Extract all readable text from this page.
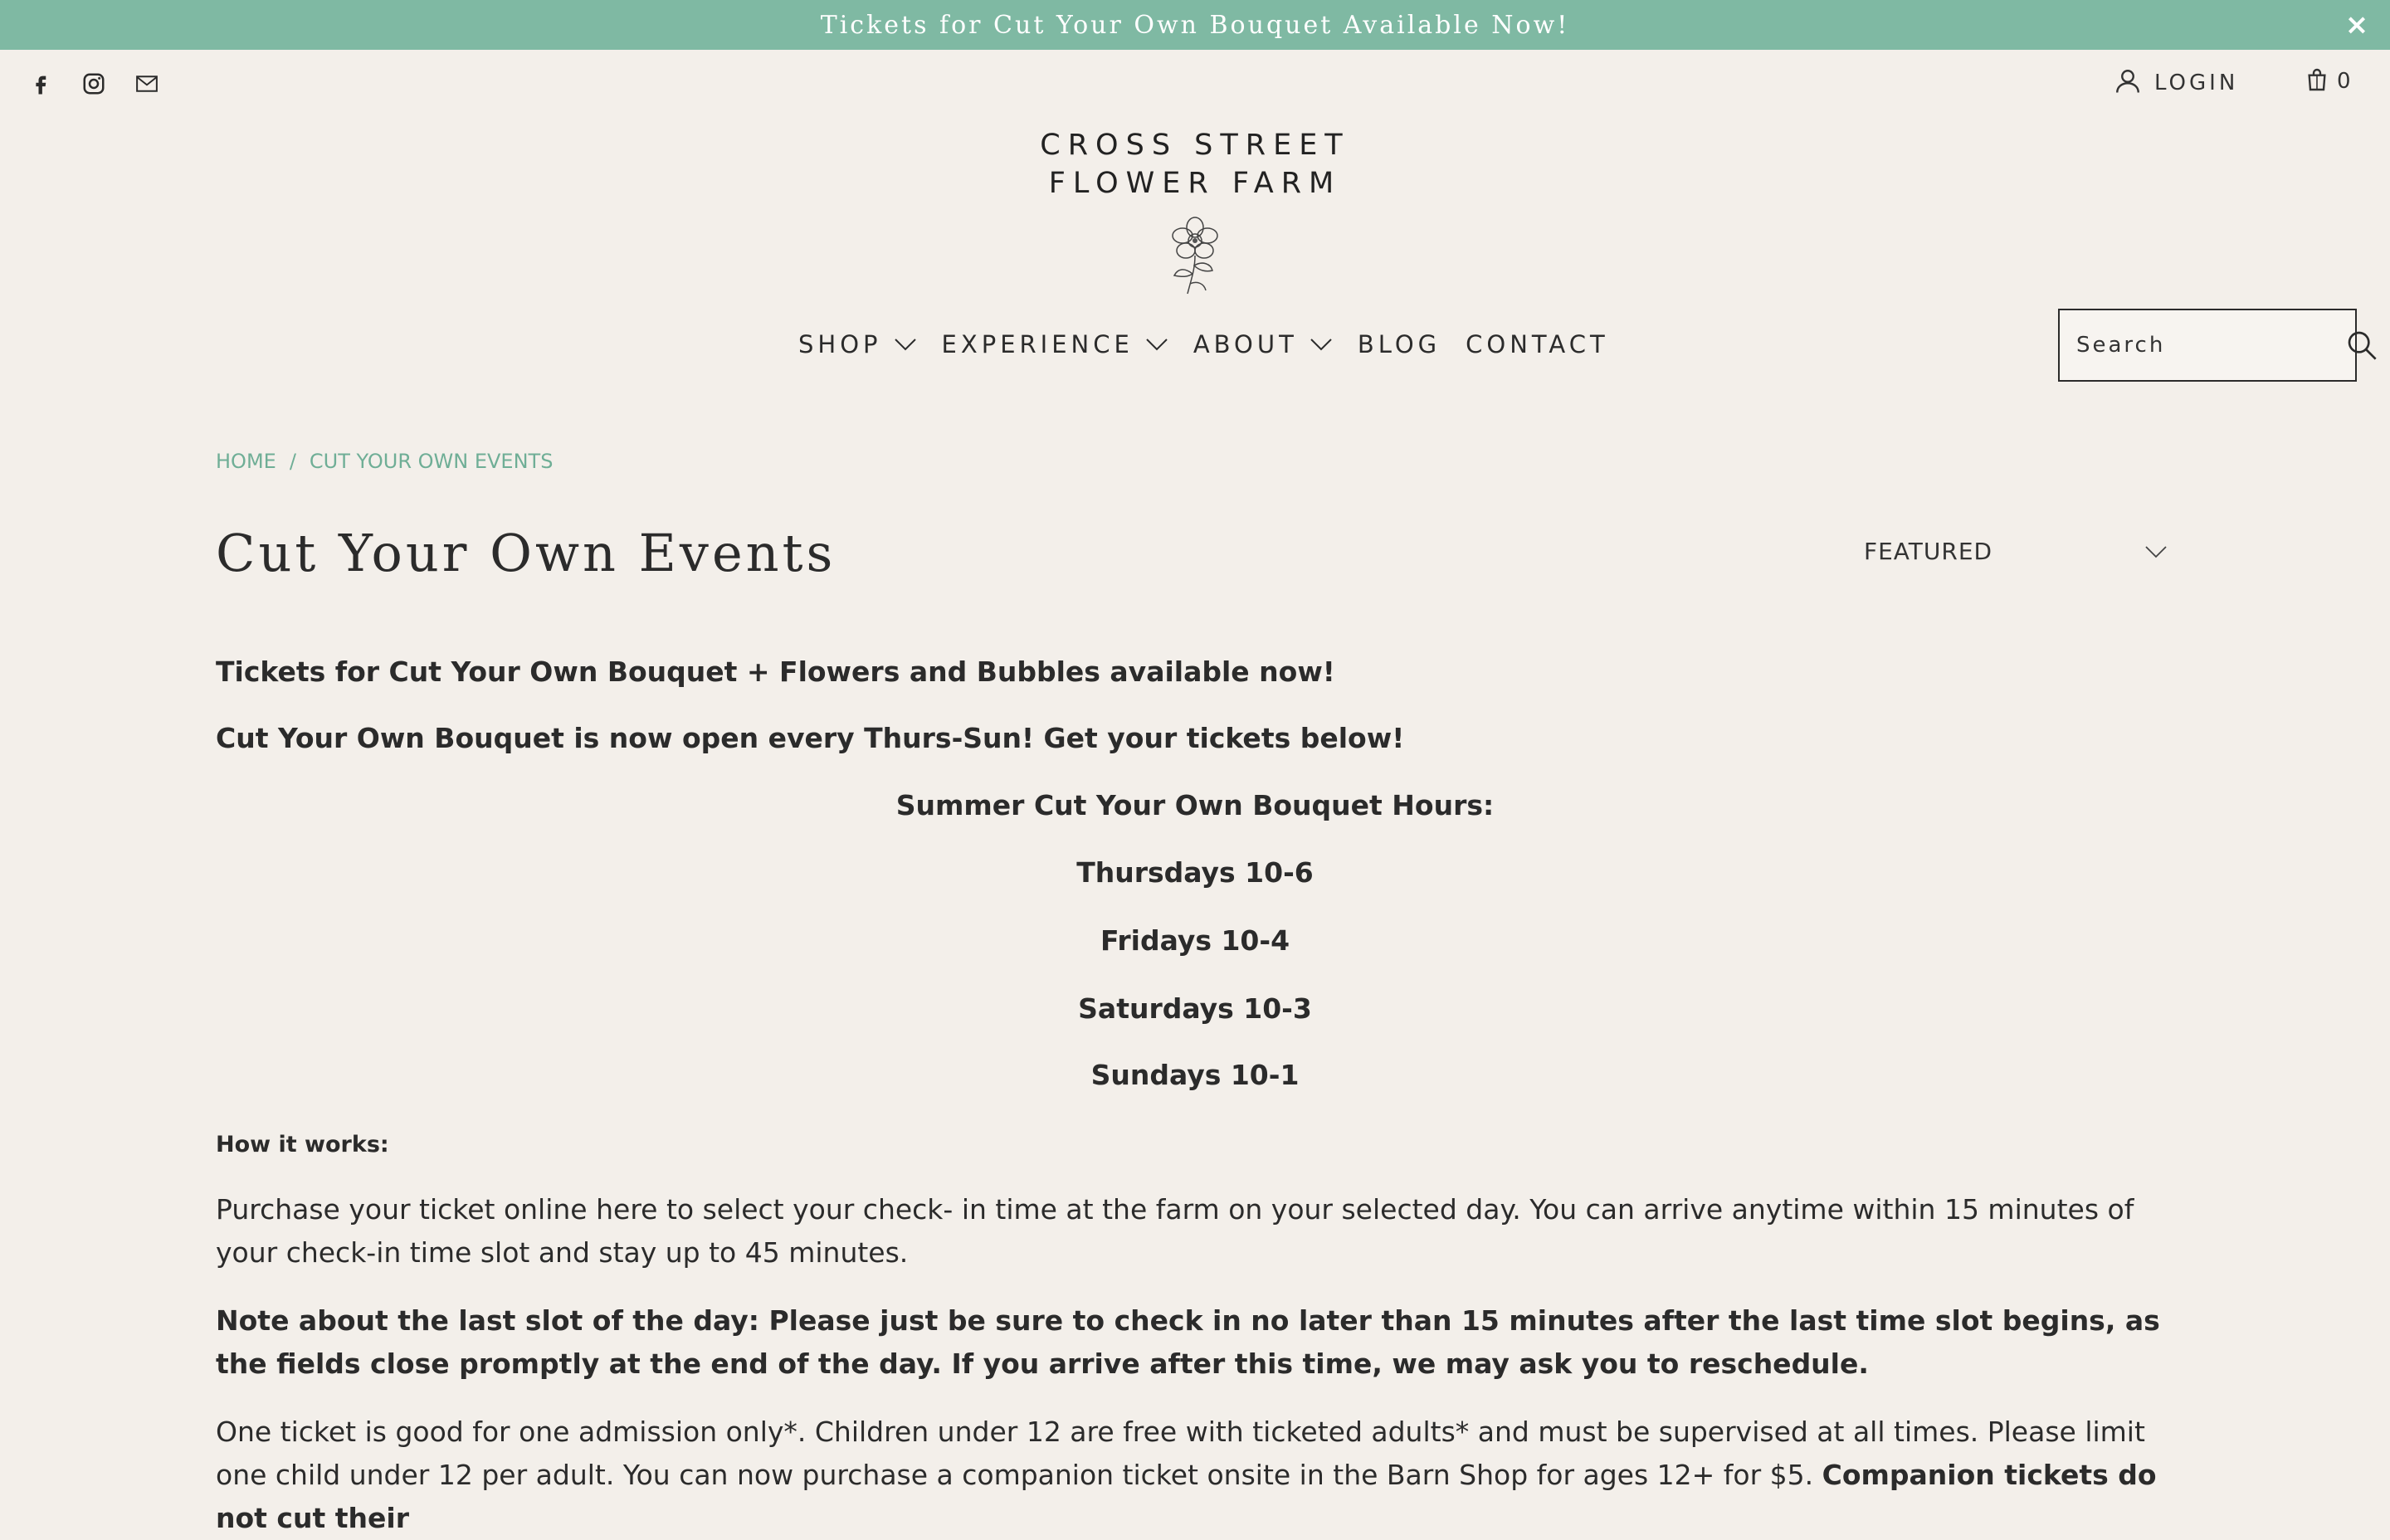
Tickets for Cut Your Own Bouquet Available Now!	×
LOGIN	0
CROSS STREET
FLOWER FARM
SHOP EXPERIENCE ABOUT BLOG CONTACT
Search
HOME / CUT YOUR OWN EVENTS
Cut Your Own Events	FEATURED
Tickets for Cut Your Own Bouquet + Flowers and Bubbles available now!
Cut Your Own Bouquet is now open every Thurs-Sun! Get your tickets below!
Summer Cut Your Own Bouquet Hours:
Thursdays 10-6
Fridays 10-4
Saturdays 10-3
Sundays 10-1
How it works:
Purchase your ticket online here to select your check- in time at the farm on your selected day. You can arrive anytime within 15 minutes of your check-in time slot and stay up to 45 minutes.
Note about the last slot of the day: Please just be sure to check in no later than 15 minutes after the last time slot begins, as the fields close promptly at the end of the day. If you arrive after this time, we may ask you to reschedule.
One ticket is good for one admission only*. Children under 12 are free with ticketed adults* and must be supervised at all times. Please limit one child under 12 per adult. You can now purchase a companion ticket onsite in the Barn Shop for ages 12+ for $5. Companion tickets do not cut their
